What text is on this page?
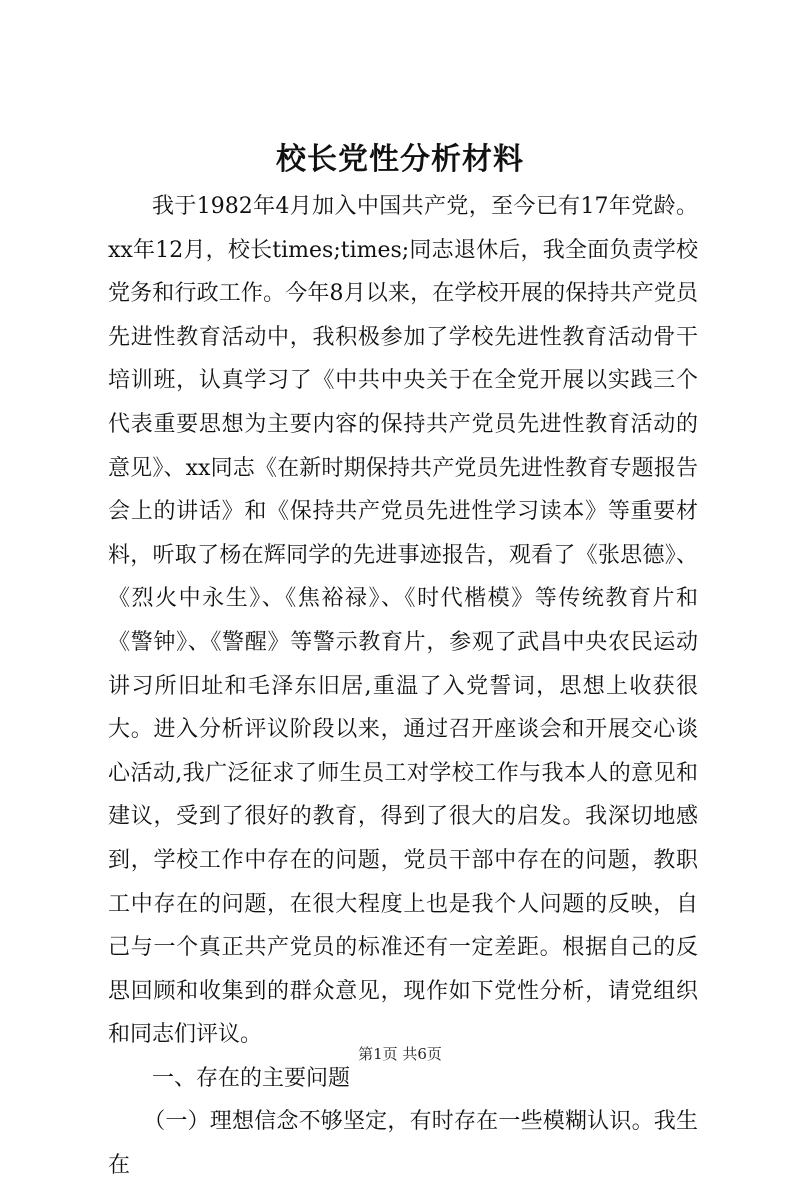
校长党性分析材料

我于1982年4月加入中国共产党，至今已有17年党龄。xx年12月，校长times;times;同志退休后，我全面负责学校党务和行政工作。今年8月以来，在学校开展的保持共产党员先进性教育活动中，我积极参加了学校先进性教育活动骨干培训班，认真学习了《中共中央关于在全党开展以实践三个代表重要思想为主要内容的保持共产党员先进性教育活动的意见》、xx同志《在新时期保持共产党员先进性教育专题报告会上的讲话》和《保持共产党员先进性学习读本》等重要材料，听取了杨在辉同学的先进事迹报告，观看了《张思德》、《烈火中永生》、《焦裕禄》、《时代楷模》等传统教育片和《警钟》、《警醒》等警示教育片，参观了武昌中央农民运动讲习所旧址和毛泽东旧居,重温了入党誓词，思想上收获很大。进入分析评议阶段以来，通过召开座谈会和开展交心谈心活动,我广泛征求了师生员工对学校工作与我本人的意见和建议，受到了很好的教育，得到了很大的启发。我深切地感到，学校工作中存在的问题，党员干部中存在的问题，教职工中存在的问题，在很大程度上也是我个人问题的反映，自己与一个真正共产党员的标准还有一定差距。根据自己的反思回顾和收集到的群众意见，现作如下党性分析，请党组织和同志们评议。

一、存在的主要问题

（一）理想信念不够坚定，有时存在一些模糊认识。我生在

第1页 共6页
